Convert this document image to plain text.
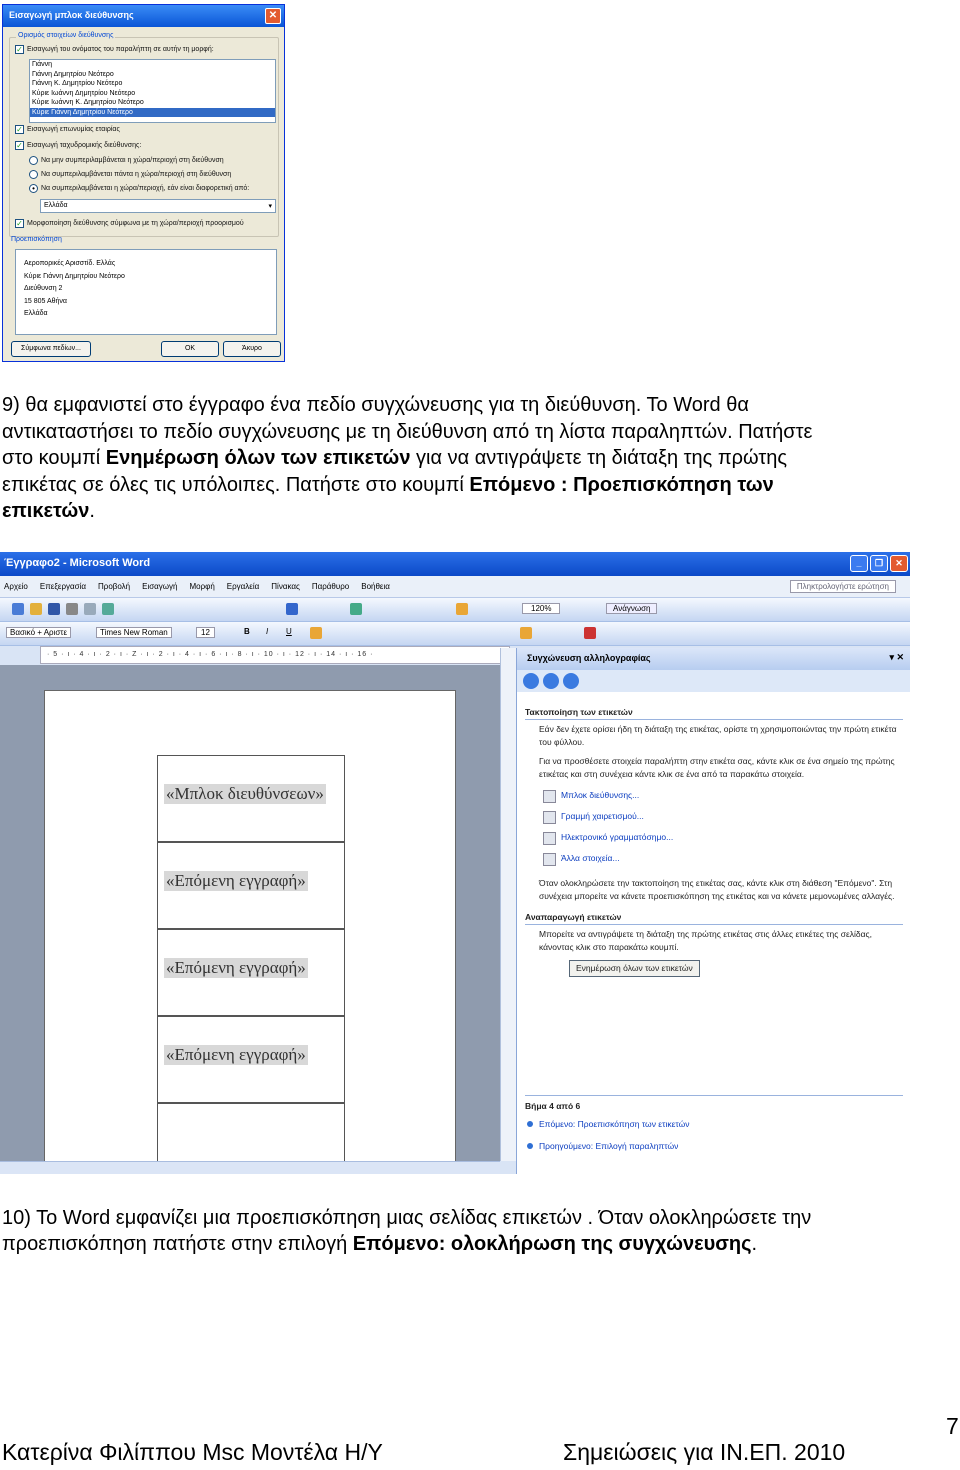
Εισαγωγή μπλοκ διεύθυνσης	✕
Ορισμός στοιχείων διεύθυνσης
✓ Εισαγωγή του ονόματος του παραλήπτη σε αυτήν τη μορφή:
Γιάννη
Γιάννη Δημητρίου Νεότερο
Γιάννη Κ. Δημητρίου Νεότερο
Κύριε Ιωάννη Δημητρίου Νεότερο
Κύριε Ιωάννη Κ. Δημητρίου Νεότερο
Κύριε Γιάννη Δημητρίου Νεότερο
✓ Εισαγωγή επωνυμίας εταιρίας
✓ Εισαγωγή ταχυδρομικής διεύθυνσης:
Να μην συμπεριλαμβάνεται η χώρα/περιοχή στη διεύθυνση
Να συμπεριλαμβάνεται πάντα η χώρα/περιοχή στη διεύθυνση
• Να συμπεριλαμβάνεται η χώρα/περιοχή, εάν είναι διαφορετική από:
Ελλάδα	▾
✓ Μορφοποίηση διεύθυνσης σύμφωνα με τη χώρα/περιοχή προορισμού
Προεπισκόπηση
Αεροπορικές Αρισστίδ. Ελλάς
Κύριε Γιάννη Δημητρίου Νεότερο
Διεύθυνση 2
15 805 Αθήνα
Ελλάδα
Σύμφωνα πεδίων...	OK	Άκυρο
9) θα εμφανιστεί στο έγγραφο ένα πεδίο συγχώνευσης για τη διεύθυνση. Το Word θα
αντικαταστήσει το πεδίο συγχώνευσης με τη διεύθυνση από τη λίστα παραληπτών. Πατήστε
στο κουμπί Ενημέρωση όλων των επικετών για να αντιγράψετε τη διάταξη της πρώτης
επικέτας σε όλες τις υπόλοιπες. Πατήστε στο κουμπί Επόμενο : Προεπισκόπηση των
επικετών.
Έγγραφο2 - Microsoft Word	_	❐	✕
Αρχείο Επεξεργασία Προβολή Εισαγωγή Μορφή Εργαλεία Πίνακας Παράθυρο Βοήθεια	Πληκτρολογήστε ερώτηση
120%	Ανάγνωση
Βασικό + Αριστε	Times New Roman	12	B I U
· 5 · ı · 4 · ı · 2 · ı · Z · ı · 2 · ı · 4 · ı · 6 · ı · 8 · ı · 10 · ı · 12 · ı · 14 · ı · 16 ·
«Μπλοκ διευθύνσεων»
«Επόμενη εγγραφή»
«Επόμενη εγγραφή»
«Επόμενη εγγραφή»
Συγχώνευση αλληλογραφίας	▾ ✕
Τακτοποίηση των ετικετών
Εάν δεν έχετε ορίσει ήδη τη διάταξη της ετικέτας, ορίστε τη χρησιμοποιώντας την πρώτη ετικέτα του φύλλου.
Για να προσθέσετε στοιχεία παραλήπτη στην ετικέτα σας, κάντε κλικ σε ένα σημείο της πρώτης ετικέτας και στη συνέχεια κάντε κλικ σε ένα από τα παρακάτω στοιχεία.
Μπλοκ διεύθυνσης...
Γραμμή χαιρετισμού...
Ηλεκτρονικό γραμματόσημο...
Άλλα στοιχεία...
Όταν ολοκληρώσετε την τακτοποίηση της ετικέτας σας, κάντε κλικ στη διάθεση "Επόμενο". Στη συνέχεια μπορείτε να κάνετε προεπισκόπηση της ετικέτας και να κάνετε μεμονωμένες αλλαγές.
Αναπαραγωγή ετικετών
Μπορείτε να αντιγράψετε τη διάταξη της πρώτης ετικέτας στις άλλες ετικέτες της σελίδας, κάνοντας κλικ στο παρακάτω κουμπί.
Ενημέρωση όλων των ετικετών
Βήμα 4 από 6
Επόμενο: Προεπισκόπηση των ετικετών
Προηγούμενο: Επιλογή παραληπτών
10) Το Word εμφανίζει μια προεπισκόπηση μιας σελίδας επικετών . Όταν ολοκληρώσετε την
προεπισκόπηση πατήστε στην επιλογή Επόμενο: ολοκλήρωση της συγχώνευσης.
7
Κατερίνα Φιλίππου Msc Μοντέλα Η/Υ	Σημειώσεις για ΙΝ.ΕΠ. 2010
